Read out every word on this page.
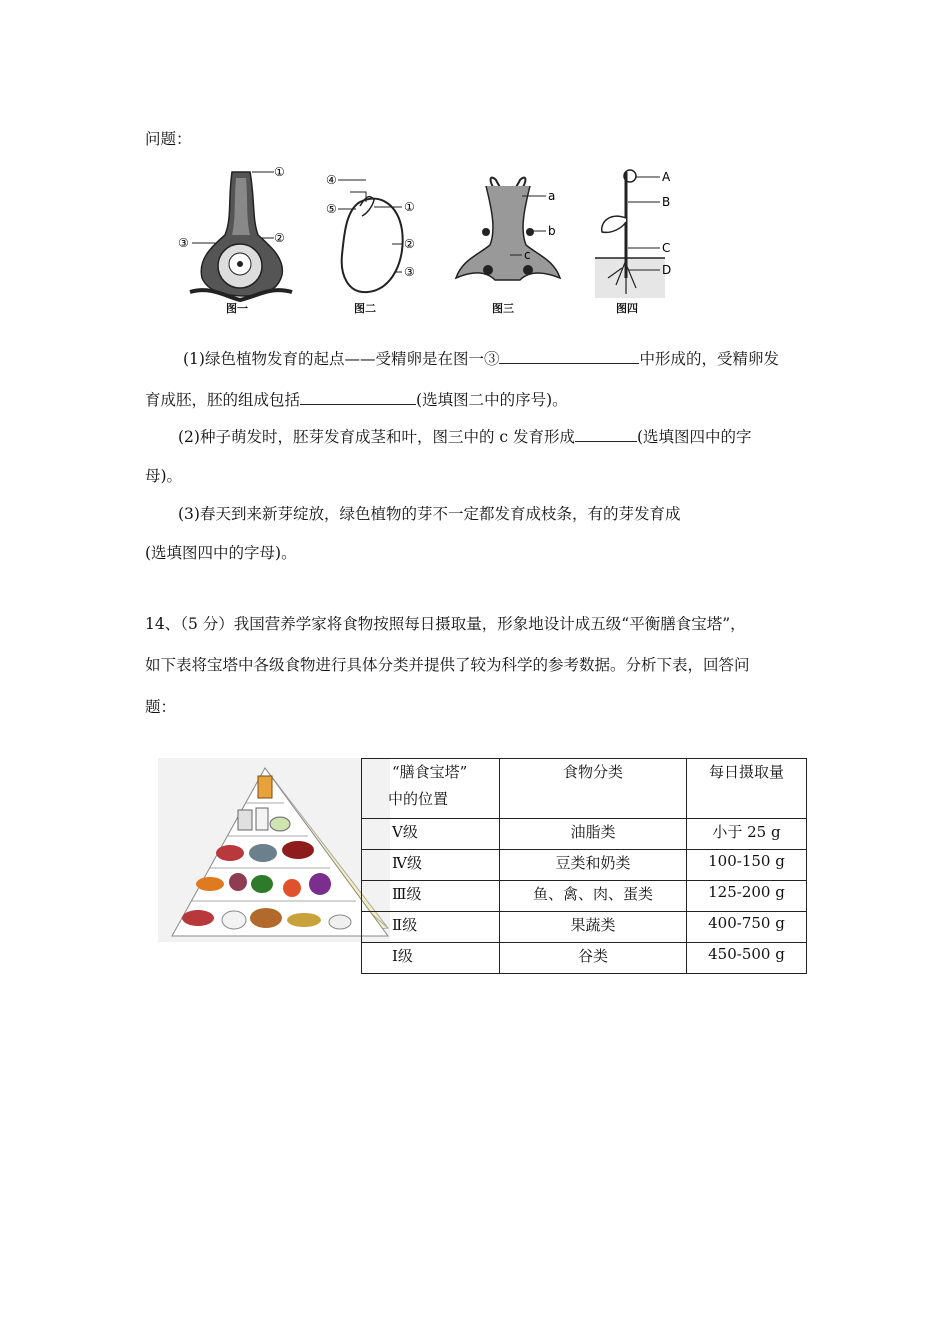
问题：
①
②
③
④
⑤	①
②
③
a
b
c
A
B
C
D
图一	图二	图三	图四
(1)绿色植物发育的起点——受精卵是在图一③	中形成的，受精卵发
育成胚，胚的组成包括	(选填图二中的序号)。
(2)种子萌发时，胚芽发育成茎和叶，图三中的 c 发育形成	(选填图四中的字
母)。
(3)春天到来新芽绽放，绿色植物的芽不一定都发育成枝条，有的芽发育成
(选填图四中的字母)。
14、（5 分）我国营养学家将食物按照每日摄取量，形象地设计成五级“平衡膳食宝塔”，
如下表将宝塔中各级食物进行具体分类并提供了较为科学的参考数据。分析下表，回答问
题：
“膳食宝塔”
中的位置	食物分类	每日摄取量
Ⅴ级	油脂类	小于 25 g
Ⅳ级	豆类和奶类	100-150 g
Ⅲ级	鱼、禽、肉、蛋类	125-200 g
Ⅱ级	果蔬类	400-750 g
Ⅰ级	谷类	450-500 g
